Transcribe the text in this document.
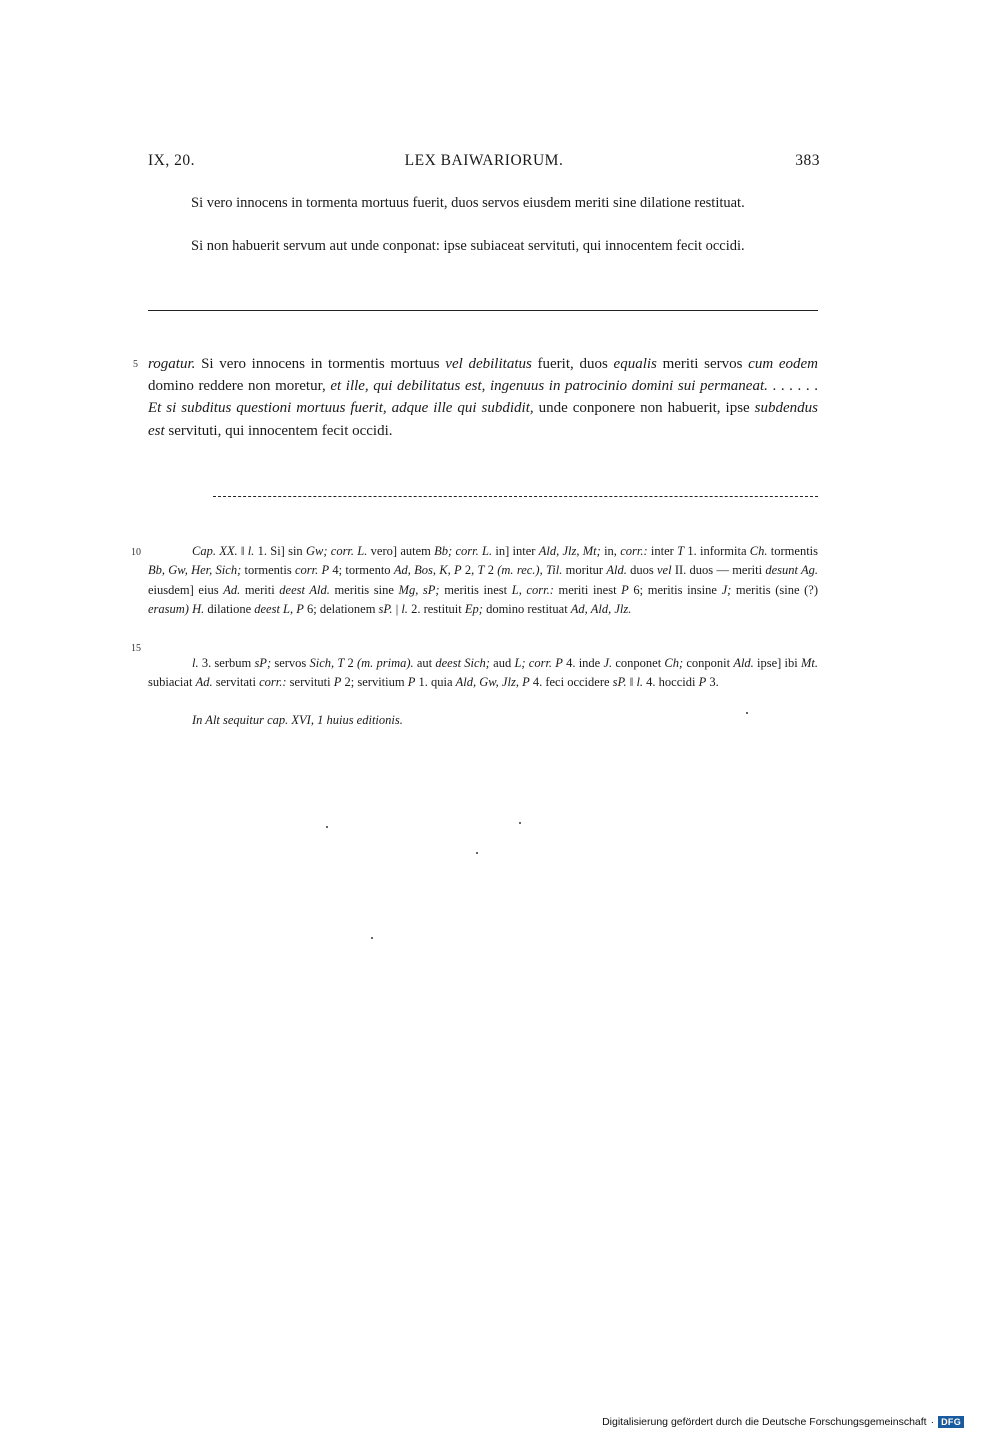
IX, 20.	LEX BAIWARIORUM.	383
Si vero innocens in tormenta mortuus fuerit, duos servos eiusdem meriti sine dilatione restituat.
Si non habuerit servum aut unde conponat: ipse subiaceat servituti, qui innocentem fecit occidi.
5 rogatur. Si vero innocens in tormentis mortuus vel debilitatus fuerit, duos equalis meriti servos cum eodem domino reddere non moretur, et ille, qui debilitatus est, ingenuus in patrocinio domini sui permaneat. . . . . . . Et si subditus questioni mortuus fuerit, adque ille qui subdidit, unde conponere non habuerit, ipse subdendus est servituti, qui innocentem fecit occidi.
10
15
Cap. XX. ‖ l. 1. Si] sin Gw; corr. L. vero] autem Bb; corr. L. in] inter Ald, Jlz, Mt; in, corr.: inter T 1. informita Ch. tormentis Bb, Gw, Her, Sich; tormentis corr. P 4; tormento Ad, Bos, K, P 2, T 2 (m. rec.), Til. moritur Ald. duos vel II. duos — meriti desunt Ag. eiusdem] eius Ad. meriti deest Ald. meritis sine Mg, sP; meritis inest L, corr.: meriti inest P 6; meritis insine J; meritis (sine (?) erasum) H. dilatione deest L, P 6; delationem sP. | l. 2. restituit Ep; domino restituat Ad, Ald, Jlz.
l. 3. serbum sP; servos Sich, T 2 (m. prima). aut deest Sich; aud L; corr. P 4. inde J. conponet Ch; conponit Ald. ipse] ibi Mt. subiaciat Ad. servitati corr.: servituti P 2; servitium P 1. quia Ald, Gw, Jlz, P 4. feci occidere sP. ‖ l. 4. hoccidi P 3.
In Alt sequitur cap. XVI, 1 huius editionis.
Digitalisierung gefördert durch die Deutsche Forschungsgemeinschaft · DFG
